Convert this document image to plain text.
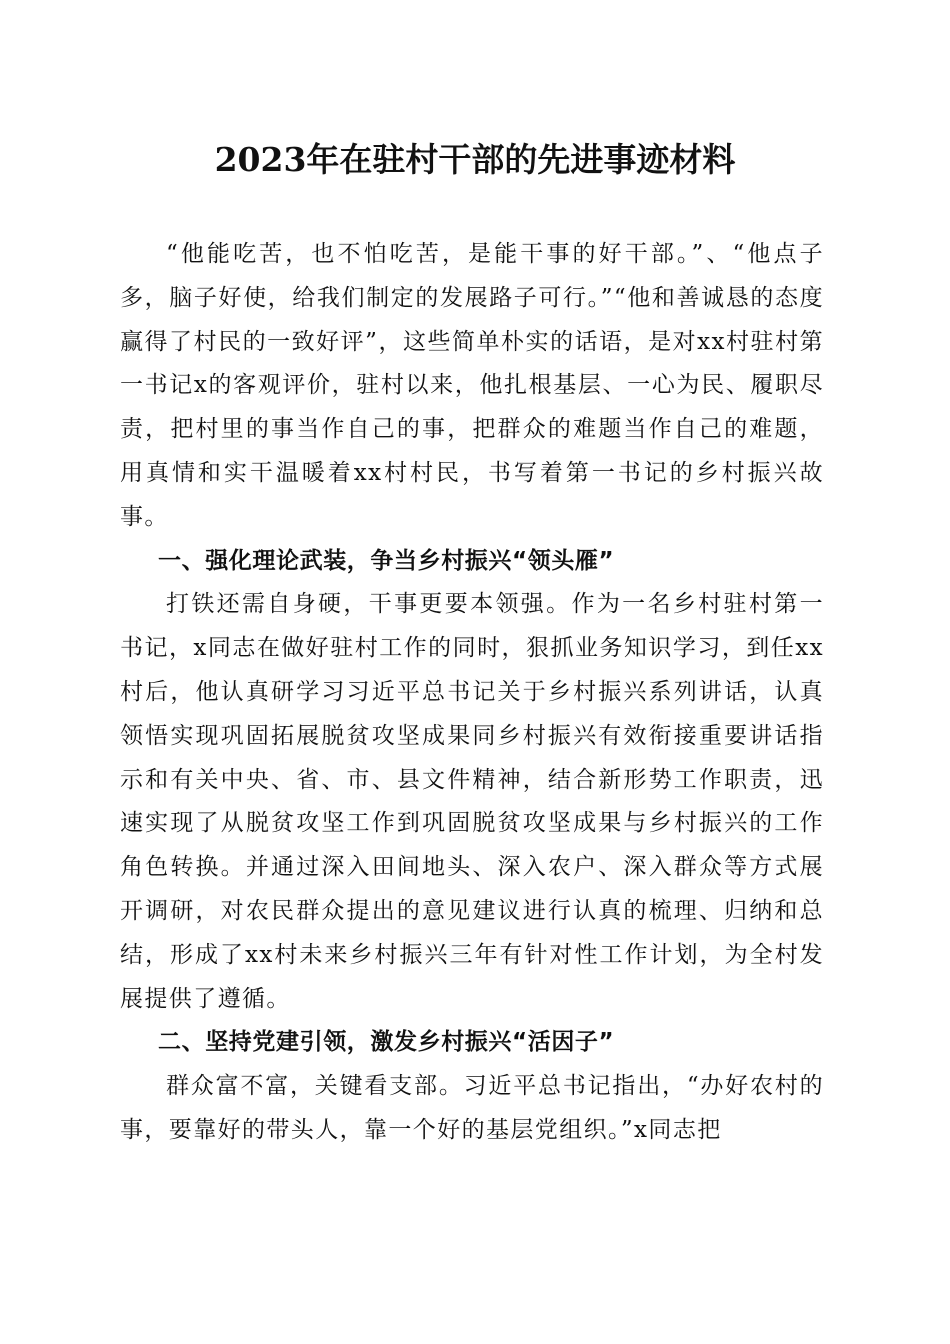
2023年在驻村干部的先进事迹材料

“他能吃苦，也不怕吃苦，是能干事的好干部。”、“他点子多，脑子好使，给我们制定的发展路子可行。”“他和善诚恳的态度赢得了村民的一致好评”，这些简单朴实的话语，是对xx村驻村第一书记x的客观评价，驻村以来，他扎根基层、一心为民、履职尽责，把村里的事当作自己的事，把群众的难题当作自己的难题，用真情和实干温暖着xx村村民，书写着第一书记的乡村振兴故事。

一、强化理论武装，争当乡村振兴“领头雁”

打铁还需自身硬，干事更要本领强。作为一名乡村驻村第一书记，x同志在做好驻村工作的同时，狠抓业务知识学习，到任xx村后，他认真研学习习近平总书记关于乡村振兴系列讲话，认真领悟实现巩固拓展脱贫攻坚成果同乡村振兴有效衔接重要讲话指示和有关中央、省、市、县文件精神，结合新形势工作职责，迅速实现了从脱贫攻坚工作到巩固脱贫攻坚成果与乡村振兴的工作角色转换。并通过深入田间地头、深入农户、深入群众等方式展开调研，对农民群众提出的意见建议进行认真的梳理、归纳和总结，形成了xx村未来乡村振兴三年有针对性工作计划，为全村发展提供了遵循。

二、坚持党建引领，激发乡村振兴“活因子”

群众富不富，关键看支部。习近平总书记指出，“办好农村的事，要靠好的带头人，靠一个好的基层党组织。”x同志把
